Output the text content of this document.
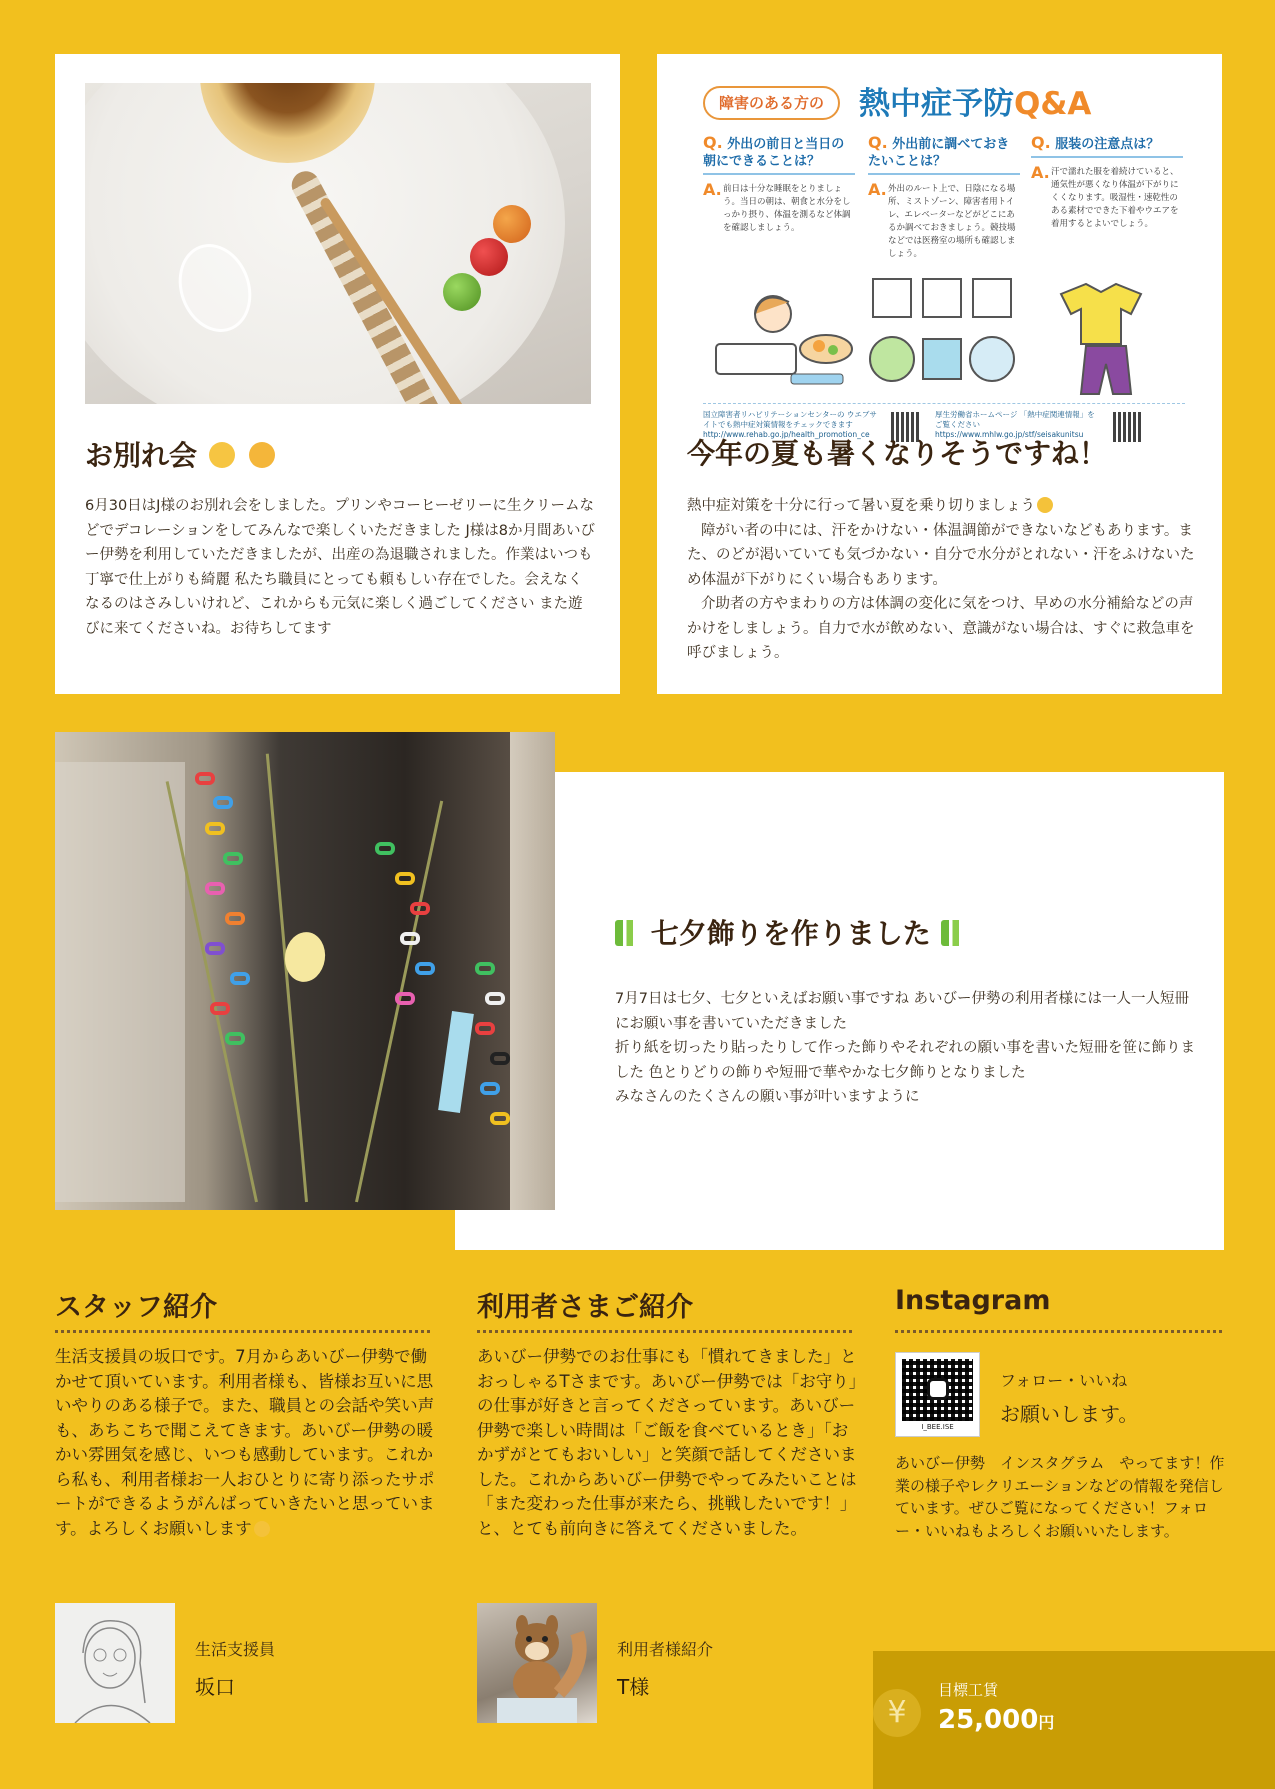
お別れ会
6月30日はJ様のお別れ会をしました。プリンやコーヒーゼリーに生クリームなどでデコレーションをしてみんなで楽しくいただきました J様は8か月間あいびー伊勢を利用していただきましたが、出産の為退職されました。作業はいつも丁寧で仕上がりも綺麗 私たち職員にとっても頼もしい存在でした。会えなくなるのはさみしいけれど、これからも元気に楽しく過ごしてください また遊びに来てくださいね。お待ちしてます
障害のある方の	熱中症予防Q&A
Q. 外出の前日と当日の朝にできることは？
A. 前日は十分な睡眠をとりましょう。当日の朝は、朝食と水分をしっかり摂り、体温を測るなど体調を確認しましょう。
Q. 外出前に調べておきたいことは？
A. 外出のルート上で、日陰になる場所、ミストゾーン、障害者用トイレ、エレベーターなどがどこにあるか調べておきましょう。競技場などでは医務室の場所も確認しましょう。
Q. 服装の注意点は？
A. 汗で濡れた服を着続けていると、通気性が悪くなり体温が下がりにくくなります。吸湿性・速乾性のある素材でできた下着やウエアを着用するとよいでしょう。
国立障害者リハビリテーションセンターの ウエブサイトでも熱中症対策情報をチェックできます http://www.rehab.go.jp/health_promotion_ce
厚生労働省ホームページ 「熱中症関連情報」をご覧ください https://www.mhlw.go.jp/stf/seisakunitsu
今年の夏も暑くなりそうですね！
熱中症対策を十分に行って暑い夏を乗り切りましょう
障がい者の中には、汗をかけない・体温調節ができないなどもあります。また、のどが渇いていても気づかない・自分で水分がとれない・汗をふけないため体温が下がりにくい場合もあります。
介助者の方やまわりの方は体調の変化に気をつけ、早めの水分補給などの声かけをしましょう。自力で水が飲めない、意識がない場合は、すぐに救急車を呼びましょう。
七夕飾りを作りました
7月7日は七夕、七夕といえばお願い事ですね あいびー伊勢の利用者様には一人一人短冊にお願い事を書いていただきました
折り紙を切ったり貼ったりして作った飾りやそれぞれの願い事を書いた短冊を笹に飾りました 色とりどりの飾りや短冊で華やかな七夕飾りとなりました
みなさんのたくさんの願い事が叶いますように
スタッフ紹介
生活支援員の坂口です。7月からあいびー伊勢で働かせて頂いています。利用者様も、皆様お互いに思いやりのある様子で。また、職員との会話や笑い声も、あちこちで聞こえてきます。あいびー伊勢の暖かい雰囲気を感じ、いつも感動しています。これから私も、利用者様お一人おひとりに寄り添ったサポートができるようがんばっていきたいと思っています。よろしくお願いします
生活支援員
坂口
利用者さまご紹介
あいびー伊勢でのお仕事にも「慣れてきました」とおっしゃるTさまです。あいびー伊勢では「お守り」の仕事が好きと言ってくださっています。あいびー伊勢で楽しい時間は「ご飯を食べているとき」「おかずがとてもおいしい」と笑顔で話してくださいました。これからあいびー伊勢でやってみたいことは「また変わった仕事が来たら、挑戦したいです！」と、とても前向きに答えてくださいました。
利用者様紹介
T様
Instagram
I_BEE.ISE
フォロー・いいね
お願いします。
あいびー伊勢　インスタグラム　やってます！作業の様子やレクリエーションなどの情報を発信しています。ぜひご覧になってください！フォロー・いいねもよろしくお願いいたします。
¥
目標工賃
25,000円
